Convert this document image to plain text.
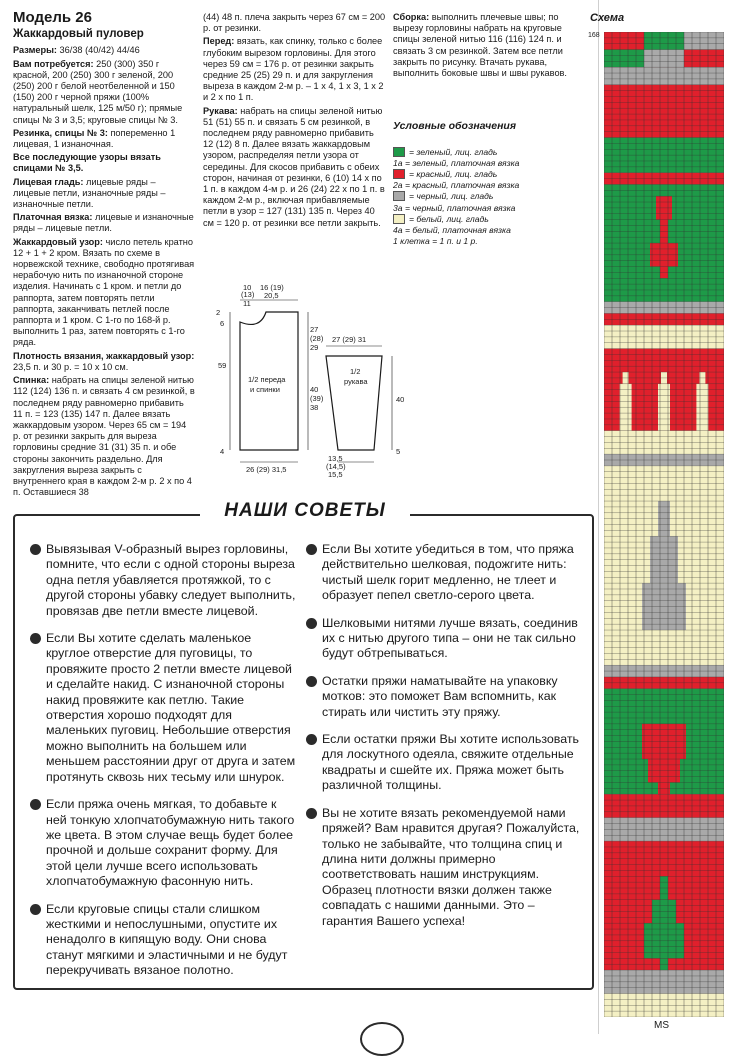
Модель 26
Жаккардовый пуловер

Размеры: 36/38 (40/42) 44/46

Вам потребуется: 250 (300) 350 г красной, 200 (250) 300 г зеленой, 200 (250) 200 г белой неотбеленной и 150 (150) 200 г черной пряжи (100% натуральный шелк, 125 м/50 г); прямые спицы № 3 и 3,5; круговые спицы № 3.

Резинка, спицы № 3: попеременно 1 лицевая, 1 изнаночная.

Все последующие узоры вязать спицами № 3,5.

Лицевая гладь: лицевые ряды – лицевые петли, изнаночные ряды – изнаночные петли.

Платочная вязка: лицевые и изнаночные ряды – лицевые петли.

Жаккардовый узор: число петель кратно 12 + 1 + 2 кром. Вязать по схеме в норвежской технике, свободно протягивая нерабочую нить по изнаночной стороне изделия. Начинать с 1 кром. и петли до раппорта, затем повторять петли раппорта, заканчивать петлей после раппорта и 1 кром. С 1-го по 168-й р. выполнить 1 раз, затем повторять с 1-го ряда.

Плотность вязания, жаккардовый узор: 23,5 п. и 30 р. = 10 х 10 см.

Спинка: набрать на спицы зеленой нитью 112 (124) 136 п. и связать 4 см резинкой, в последнем ряду равномерно прибавить 11 п. = 123 (135) 147 п. Далее вязать жаккардовым узором. Через 65 см = 194 р. от резинки закрыть для выреза горловины средние 31 (31) 35 п. и обе стороны закончить раздельно. Для закругления выреза закрыть с внутреннего края в каждом 2-м р. 2 х по 4 п. Оставшиеся 38

(44) 48 п. плеча закрыть через 67 см = 200 р. от резинки.

Перед: вязать, как спинку, только с более глубоким вырезом горловины. Для этого через 59 см = 176 р. от резинки закрыть средние 25 (25) 29 п. и для закругления выреза в каждом 2-м р. – 1 х 4, 1 х 3, 1 х 2 и 2 х по 1 п.

Рукава: набрать на спицы зеленой нитью 51 (51) 55 п. и связать 5 см резинкой, в последнем ряду равномерно прибавить 12 (12) 8 п. Далее вязать жаккардовым узором, распределяя петли узора от середины. Для скосов прибавить с обеих сторон, начиная от резинки, 6 (10) 14 х по 1 п. в каждом 4-м р. и 26 (24) 22 х по 1 п. в каждом 2-м р., включая прибавляемые петли в узор = 127 (131) 135 п. Через 40 см = 120 р. от резинки все петли закрыть.

Сборка: выполнить плечевые швы; по вырезу горловины набрать на круговые спицы зеленой нитью 116 (116) 124 п. и связать 3 см резинкой. Затем все петли закрыть по рисунку. Втачать рукава, выполнить боковые швы и швы рукавов.

Условные обозначения
= зеленый, лиц. гладь
1а = зеленый, платочная вязка
= красный, лиц. гладь
2а = красный, платочная вязка
= черный, лиц. гладь
3а = черный, платочная вязка
= белый, лиц. гладь
4а = белый, платочная вязка
1 клетка = 1 п. и 1 р.
10
(13)
11
16 (19)
20,5
2
6
27
(28)
29
59
40
(39)
38
4
26 (29) 31,5
1/2 переда
и спинки
1/2
рукава
27 (29) 31
40
5
13,5
(14,5)
15,5
Схема
168
MS
НАШИ СОВЕТЫ
Вывязывая V-образный вырез горловины, помните, что если с одной стороны выреза одна петля убавляется протяжкой, то с другой стороны убавку следует выполнить, провязав две петли вместе лицевой.
Если Вы хотите сделать маленькое круглое отверстие для пуговицы, то провяжите просто 2 петли вместе лицевой и сделайте накид. С изнаночной стороны накид провяжите как петлю. Такие отверстия хорошо подходят для маленьких пуговиц. Небольшие отверстия можно выполнить на большем или меньшем расстоянии друг от друга и затем протянуть сквозь них тесьму или шнурок.
Если пряжа очень мягкая, то добавьте к ней тонкую хлопчатобумажную нить такого же цвета. В этом случае вещь будет более прочной и дольше сохранит форму. Для этой цели лучше всего использовать хлопчатобумажную фасонную нить.
Если круговые спицы стали слишком жесткими и непослушными, опустите их ненадолго в кипящую воду. Они снова станут мягкими и эластичными и не будут перекручивать вязаное полотно.
Если Вы хотите убедиться в том, что пряжа действительно шелковая, подожгите нить: чистый шелк горит медленно, не тлеет и образует пепел светло-серого цвета.
Шелковыми нитями лучше вязать, соединив их с нитью другого типа – они не так сильно будут обтрепываться.
Остатки пряжи наматывайте на упаковку мотков: это поможет Вам вспомнить, как стирать или чистить эту пряжу.
Если остатки пряжи Вы хотите использовать для лоскутного одеяла, свяжите отдельные квадраты и сшейте их. Пряжа может быть различной толщины.
Вы не хотите вязать рекомендуемой нами пряжей? Вам нравится другая? Пожалуйста, только не забывайте, что толщина спиц и длина нити должны примерно соответствовать нашим инструкциям. Образец плотности вязки должен также совпадать с нашими данными. Это – гарантия Вашего успеха!
